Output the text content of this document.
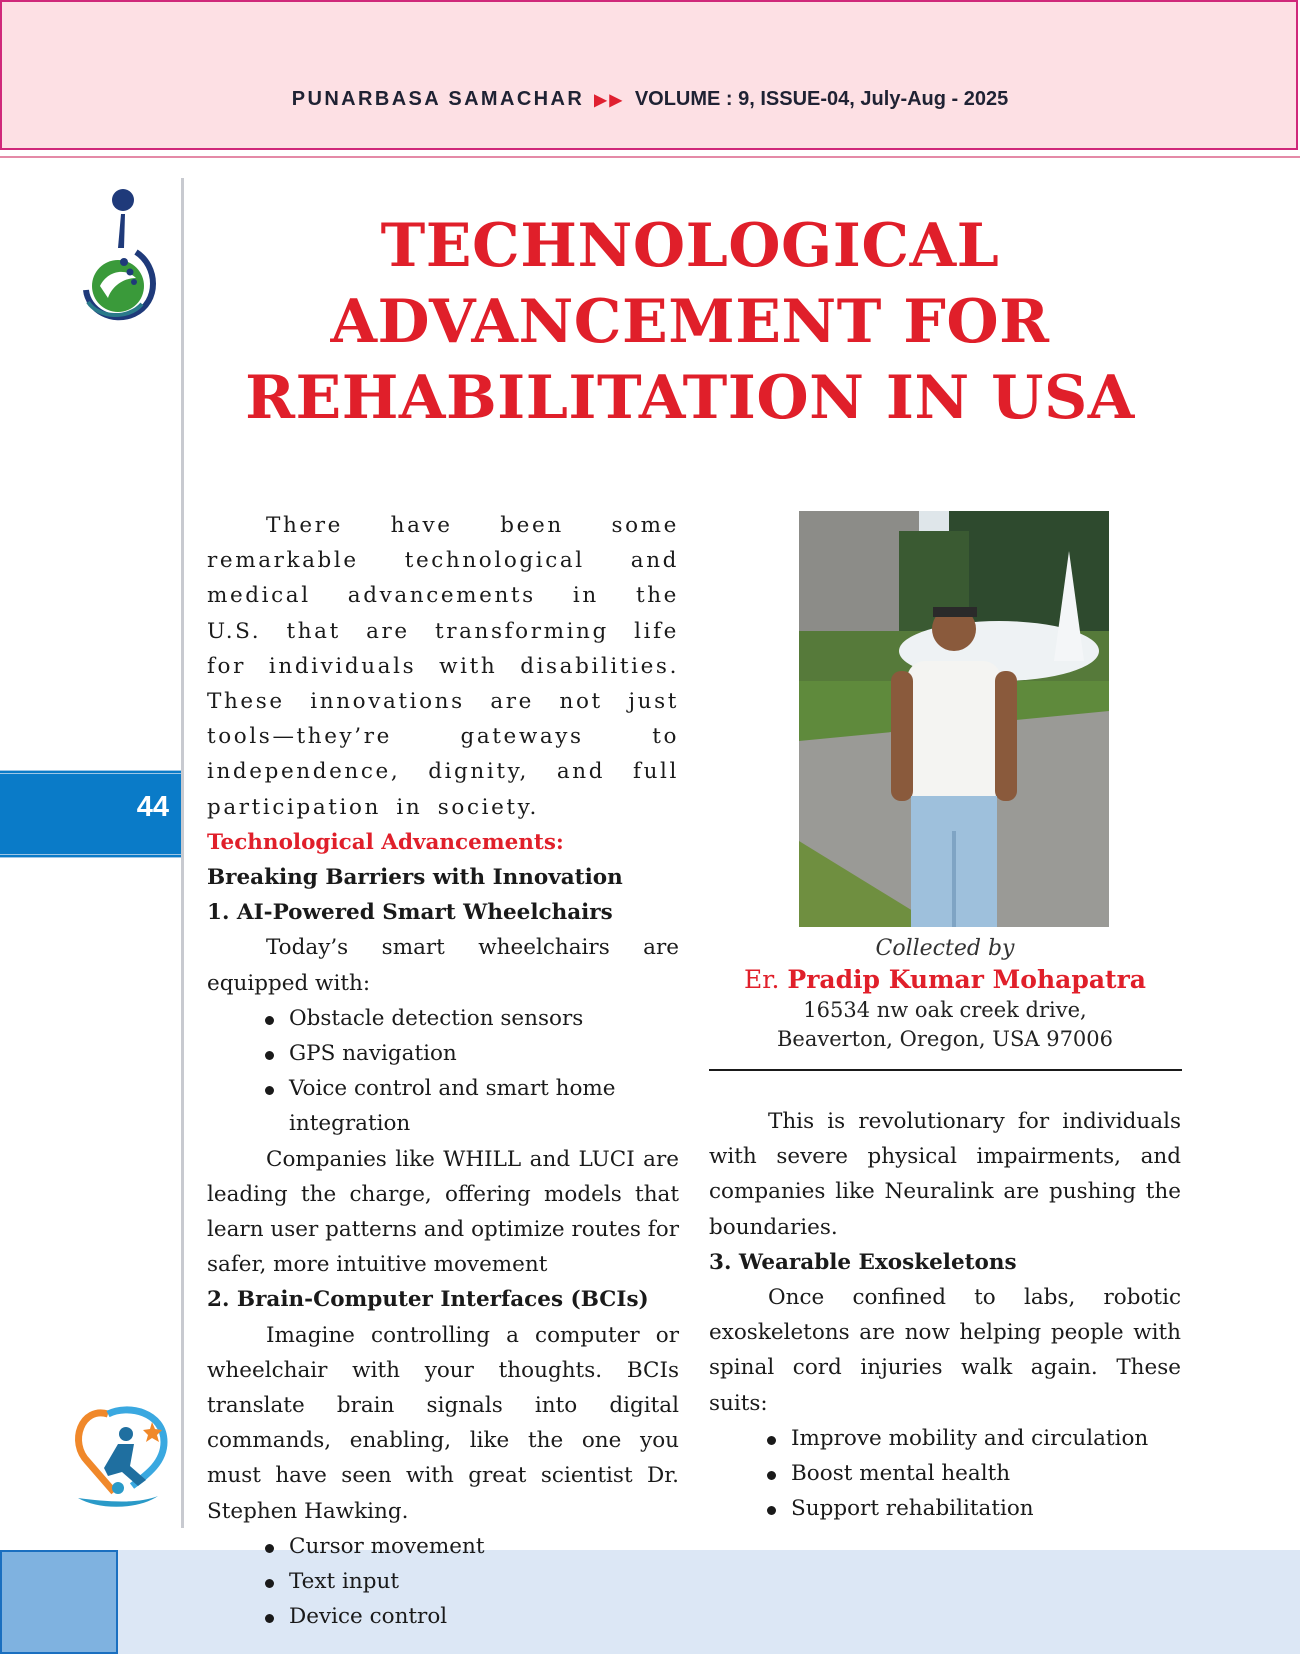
PUNARBASA SAMACHAR ▶▶ VOLUME : 9, ISSUE-04, July-Aug - 2025
44
TECHNOLOGICAL
ADVANCEMENT FOR
REHABILITATION IN USA

There have been some remarkable technological and medical advancements in the U.S. that are transforming life for individuals with disabilities. These innovations are not just tools—they’re gateways to independence, dignity, and full participation in society.

Technological Advancements:

Breaking Barriers with Innovation

1. AI-Powered Smart Wheelchairs

Today’s smart wheelchairs are equipped with:

Obstacle detection sensors
GPS navigation
Voice control and smart home integration

Companies like WHILL and LUCI are leading the charge, offering models that learn user patterns and optimize routes for safer, more intuitive movement

2. Brain-Computer Interfaces (BCIs)

Imagine controlling a computer or wheelchair with your thoughts. BCIs translate brain signals into digital commands, enabling, like the one you must have seen with great scientist Dr. Stephen Hawking.

Cursor movement
Text input
Device control
Collected by
Er. Pradip Kumar Mohapatra
16534 nw oak creek drive,
Beaverton, Oregon, USA 97006

This is revolutionary for individuals with severe physical impairments, and companies like Neuralink are pushing the boundaries.

3. Wearable Exoskeletons

Once confined to labs, robotic exoskeletons are now helping people with spinal cord injuries walk again. These suits:

Improve mobility and circulation
Boost mental health
Support rehabilitation
